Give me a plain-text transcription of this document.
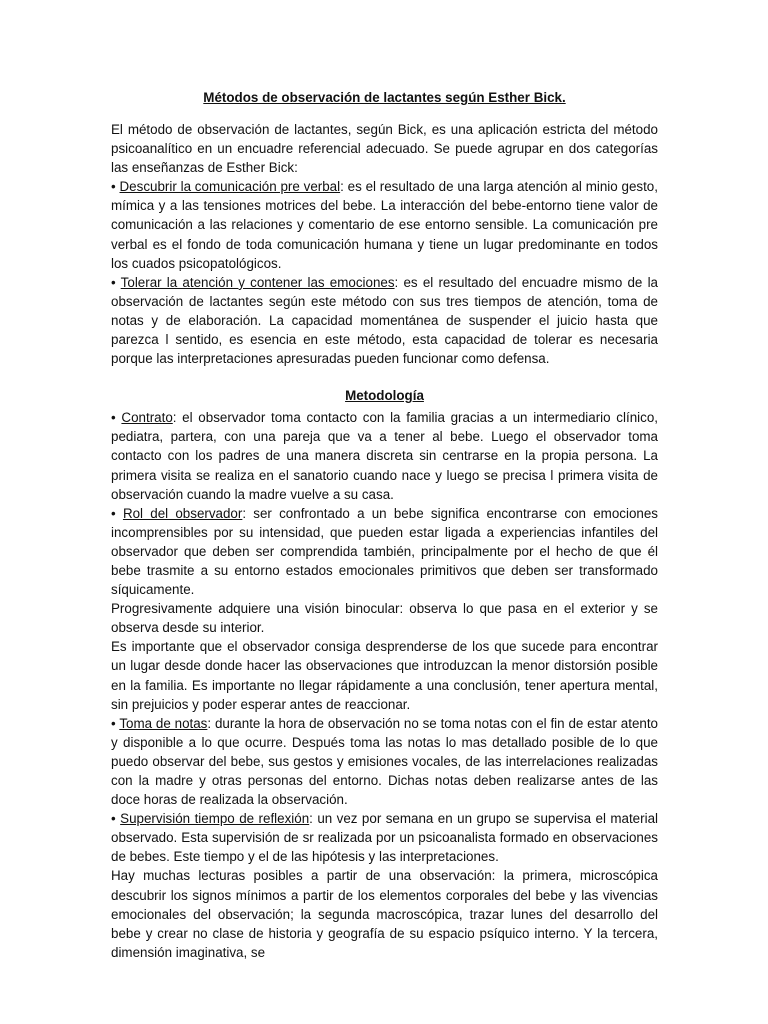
Métodos de observación de lactantes según Esther Bick.

El método de observación de lactantes, según Bick, es una aplicación estricta del método psicoanalítico en un encuadre referencial adecuado. Se puede agrupar en dos categorías las enseñanzas de Esther Bick:

• Descubrir la comunicación pre verbal: es el resultado de una larga atención al minio gesto, mímica y a las tensiones motrices del bebe. La interacción del bebe-entorno tiene valor de comunicación a las relaciones y comentario de ese entorno sensible. La comunicación pre verbal es el fondo de toda comunicación humana y tiene un lugar predominante en todos los cuados psicopatológicos.

• Tolerar la atención y contener las emociones: es el resultado del encuadre mismo de la observación de lactantes según este método con sus tres tiempos de atención, toma de notas y de elaboración. La capacidad momentánea de suspender el juicio hasta que parezca l sentido, es esencia en este método, esta capacidad de tolerar es necesaria porque las interpretaciones apresuradas pueden funcionar como defensa.

Metodología

• Contrato: el observador toma contacto con la familia gracias a un intermediario clínico, pediatra, partera, con una pareja que va a tener al bebe. Luego el observador toma contacto con los padres de una manera discreta sin centrarse en la propia persona. La primera visita se realiza en el sanatorio cuando nace y luego se precisa l primera visita de observación cuando la madre vuelve a su casa.

• Rol del observador: ser confrontado a un bebe significa encontrarse con emociones incomprensibles por su intensidad, que pueden estar ligada a experiencias infantiles del observador que deben ser comprendida también, principalmente por el hecho de que él bebe trasmite a su entorno estados emocionales primitivos que deben ser transformado síquicamente.

Progresivamente adquiere una visión binocular: observa lo que pasa en el exterior y se observa desde su interior.

Es importante que el observador consiga desprenderse de los que sucede para encontrar un lugar desde donde hacer las observaciones que introduzcan la menor distorsión posible en la familia. Es importante no llegar rápidamente a una conclusión, tener apertura mental, sin prejuicios y poder esperar antes de reaccionar.

• Toma de notas: durante la hora de observación no se toma notas con el fin de estar atento y disponible a lo que ocurre. Después toma las notas lo mas detallado posible de lo que puedo observar del bebe, sus gestos y emisiones vocales, de las interrelaciones realizadas con la madre y otras personas del entorno. Dichas notas deben realizarse antes de las doce horas de realizada la observación.

• Supervisión tiempo de reflexión: un vez por semana en un grupo se supervisa el material observado. Esta supervisión de sr realizada por un psicoanalista formado en observaciones de bebes. Este tiempo y el de las hipótesis y las interpretaciones.

Hay muchas lecturas posibles a partir de una observación: la primera, microscópica descubrir los signos mínimos a partir de los elementos corporales del bebe y las vivencias emocionales del observación; la segunda macroscópica, trazar lunes del desarrollo del bebe y crear no clase de historia y geografía de su espacio psíquico interno. Y la tercera, dimensión imaginativa, se
